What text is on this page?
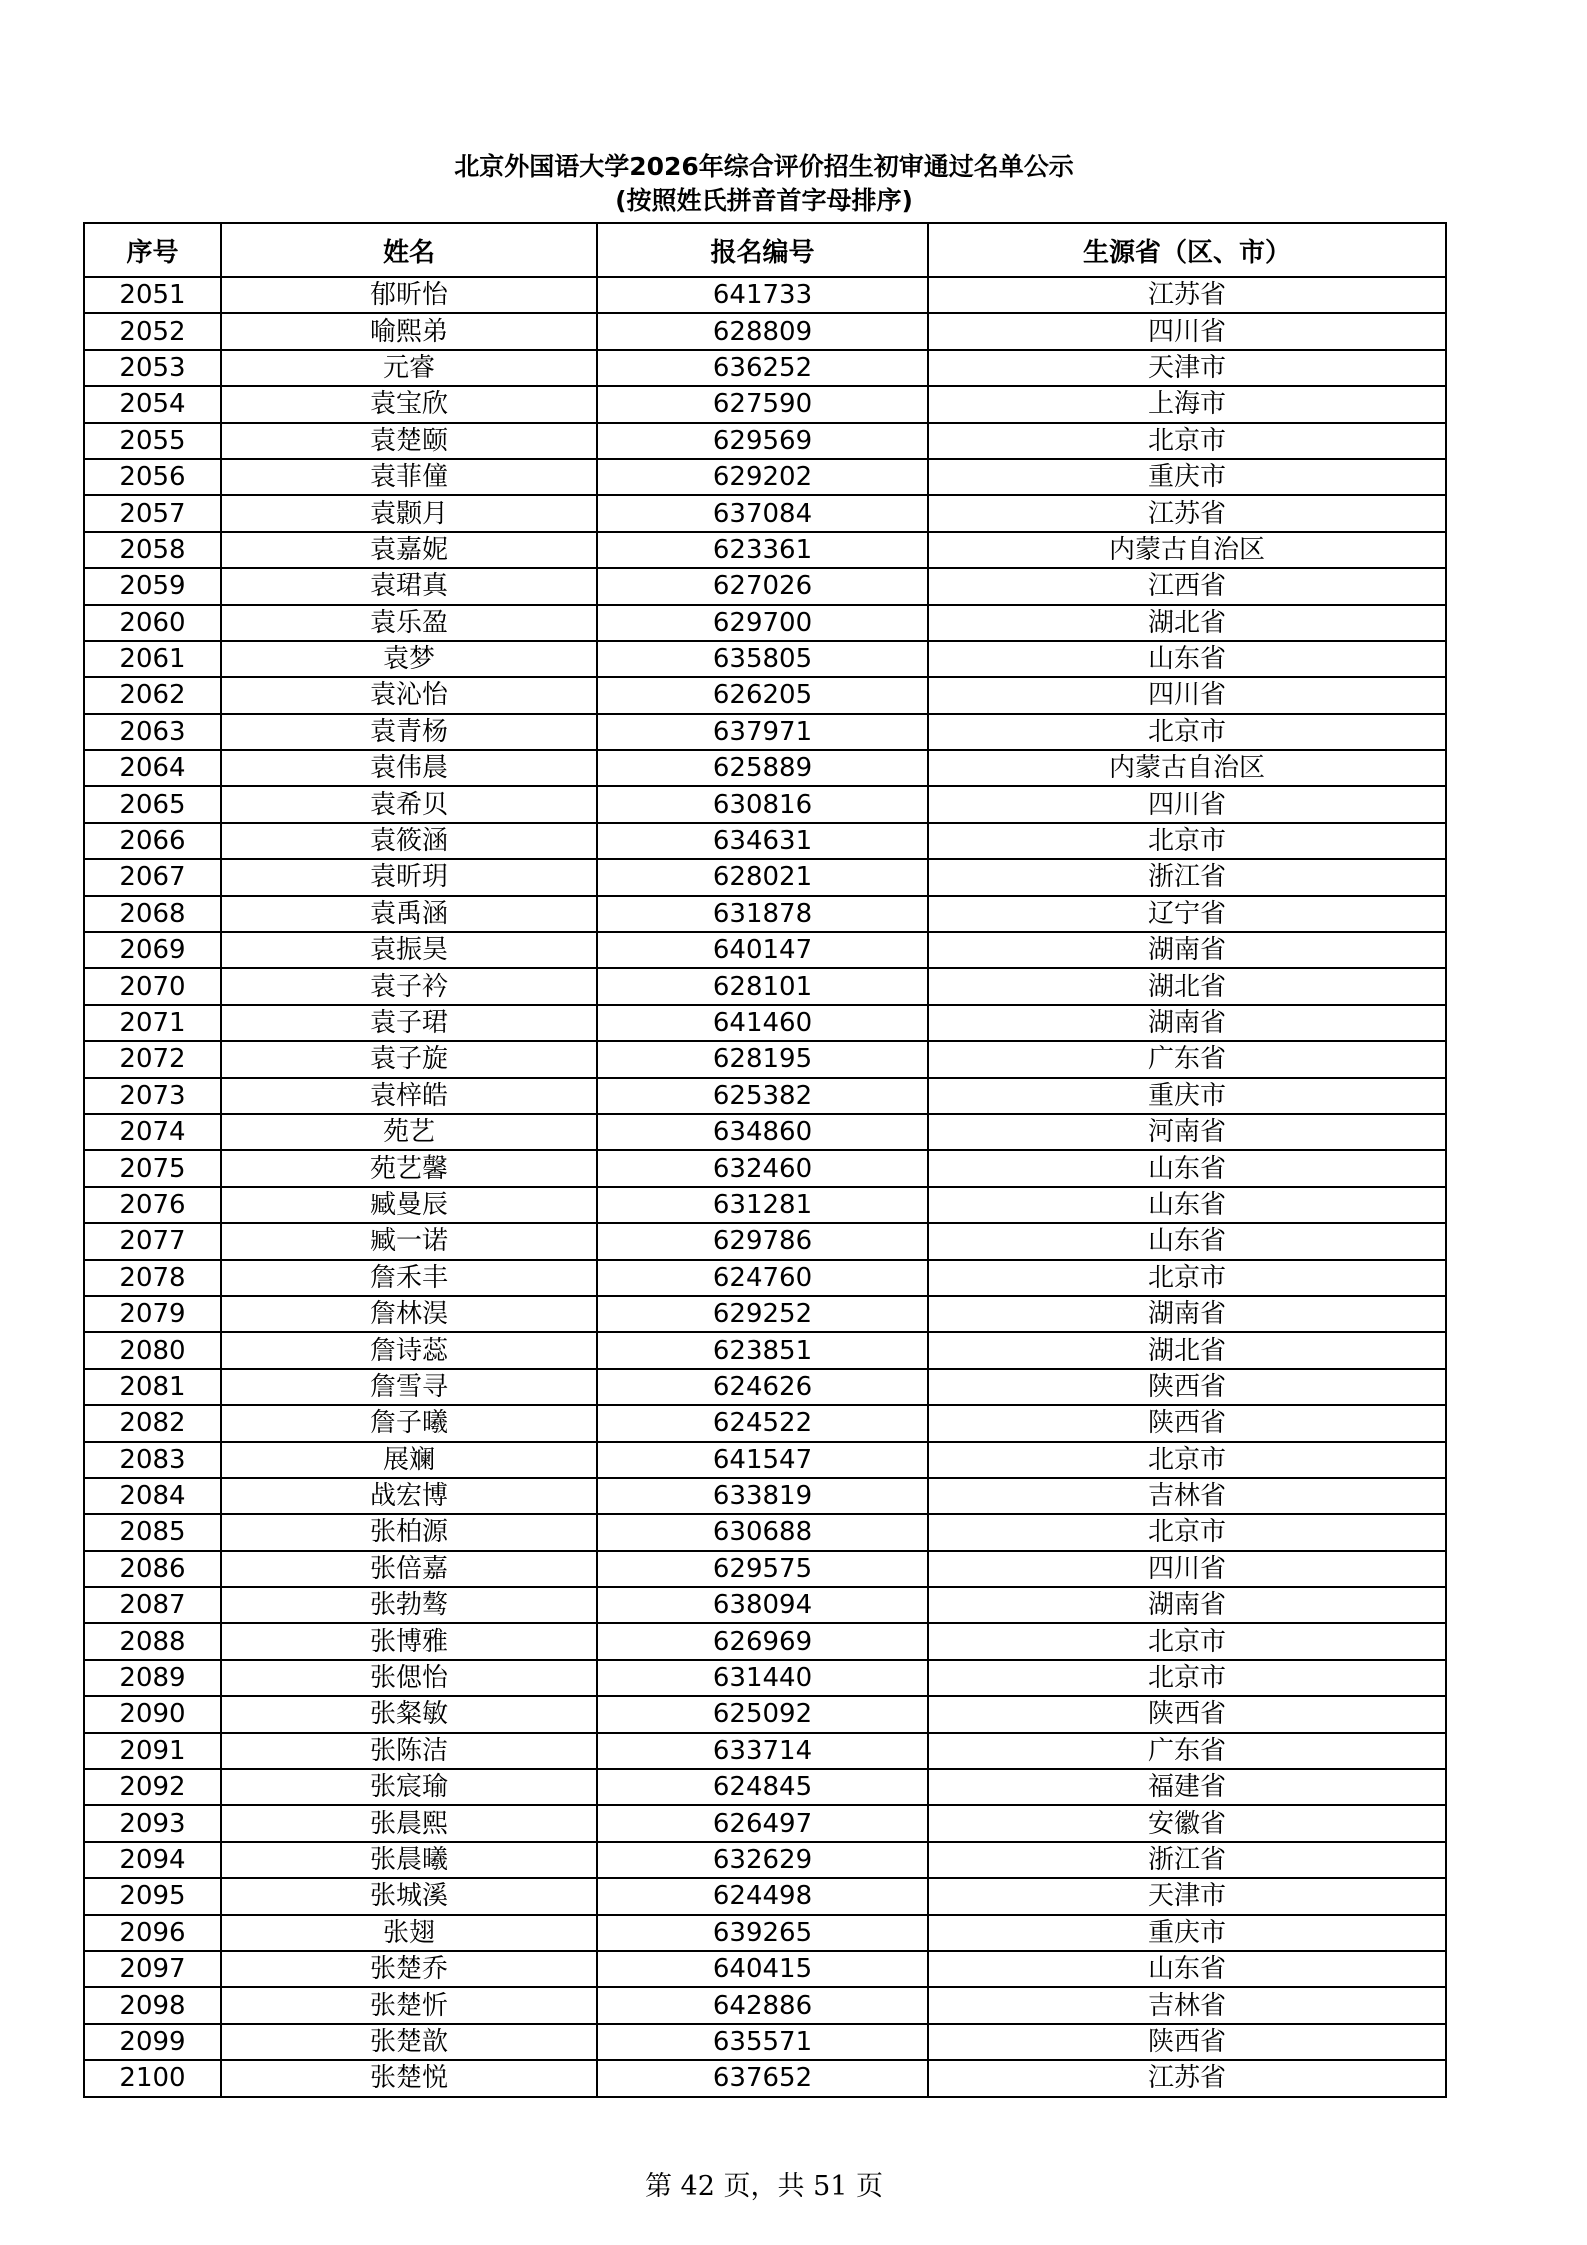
北京外国语大学2026年综合评价招生初审通过名单公示
(按照姓氏拼音首字母排序)
序号	姓名	报名编号	生源省（区、市）
2051	郁昕怡	641733	江苏省
2052	喻熙弟	628809	四川省
2053	元睿	636252	天津市
2054	袁宝欣	627590	上海市
2055	袁楚颐	629569	北京市
2056	袁菲僮	629202	重庆市
2057	袁颢月	637084	江苏省
2058	袁嘉妮	623361	内蒙古自治区
2059	袁珺真	627026	江西省
2060	袁乐盈	629700	湖北省
2061	袁梦	635805	山东省
2062	袁沁怡	626205	四川省
2063	袁青杨	637971	北京市
2064	袁伟晨	625889	内蒙古自治区
2065	袁希贝	630816	四川省
2066	袁筱涵	634631	北京市
2067	袁昕玥	628021	浙江省
2068	袁禹涵	631878	辽宁省
2069	袁振昊	640147	湖南省
2070	袁子衿	628101	湖北省
2071	袁子珺	641460	湖南省
2072	袁子旋	628195	广东省
2073	袁梓皓	625382	重庆市
2074	苑艺	634860	河南省
2075	苑艺馨	632460	山东省
2076	臧曼辰	631281	山东省
2077	臧一诺	629786	山东省
2078	詹禾丰	624760	北京市
2079	詹林淏	629252	湖南省
2080	詹诗蕊	623851	湖北省
2081	詹雪寻	624626	陕西省
2082	詹子曦	624522	陕西省
2083	展斓	641547	北京市
2084	战宏博	633819	吉林省
2085	张柏源	630688	北京市
2086	张倍嘉	629575	四川省
2087	张勃骜	638094	湖南省
2088	张博雅	626969	北京市
2089	张偲怡	631440	北京市
2090	张粲敏	625092	陕西省
2091	张陈洁	633714	广东省
2092	张宸瑜	624845	福建省
2093	张晨熙	626497	安徽省
2094	张晨曦	632629	浙江省
2095	张城溪	624498	天津市
2096	张翅	639265	重庆市
2097	张楚乔	640415	山东省
2098	张楚忻	642886	吉林省
2099	张楚歆	635571	陕西省
2100	张楚悦	637652	江苏省
第 42 页，共 51 页
